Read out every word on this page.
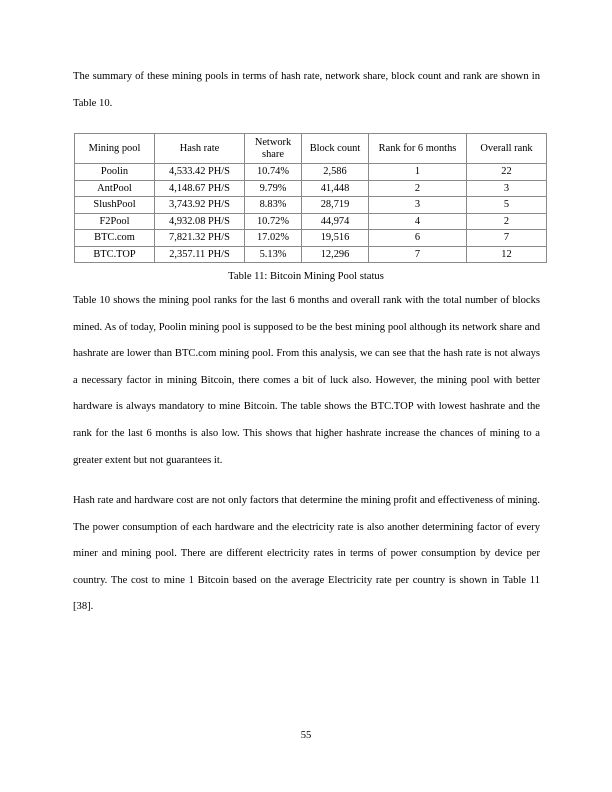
The summary of these mining pools in terms of hash rate, network share, block count and rank are shown in Table 10.

Mining pool	Hash rate	Network share	Block count	Rank for 6 months	Overall rank
Poolin	4,533.42 PH/S	10.74%	2,586	1	22
AntPool	4,148.67 PH/S	9.79%	41,448	2	3
SlushPool	3,743.92 PH/S	8.83%	28,719	3	5
F2Pool	4,932.08 PH/S	10.72%	44,974	4	2
BTC.com	7,821.32 PH/S	17.02%	19,516	6	7
BTC.TOP	2,357.11 PH/S	5.13%	12,296	7	12
Table 11: Bitcoin Mining Pool status

Table 10 shows the mining pool ranks for the last 6 months and overall rank with the total number of blocks mined. As of today, Poolin mining pool is supposed to be the best mining pool although its network share and hashrate are lower than BTC.com mining pool. From this analysis, we can see that the hash rate is not always a necessary factor in mining Bitcoin, there comes a bit of luck also. However, the mining pool with better hardware is always mandatory to mine Bitcoin. The table shows the BTC.TOP with lowest hashrate and the rank for the last 6 months is also low. This shows that higher hashrate increase the chances of mining to a greater extent but not guarantees it.

Hash rate and hardware cost are not only factors that determine the mining profit and effectiveness of mining. The power consumption of each hardware and the electricity rate is also another determining factor of every miner and mining pool. There are different electricity rates in terms of power consumption by device per country. The cost to mine 1 Bitcoin based on the average Electricity rate per country is shown in Table 11 [38].

55
